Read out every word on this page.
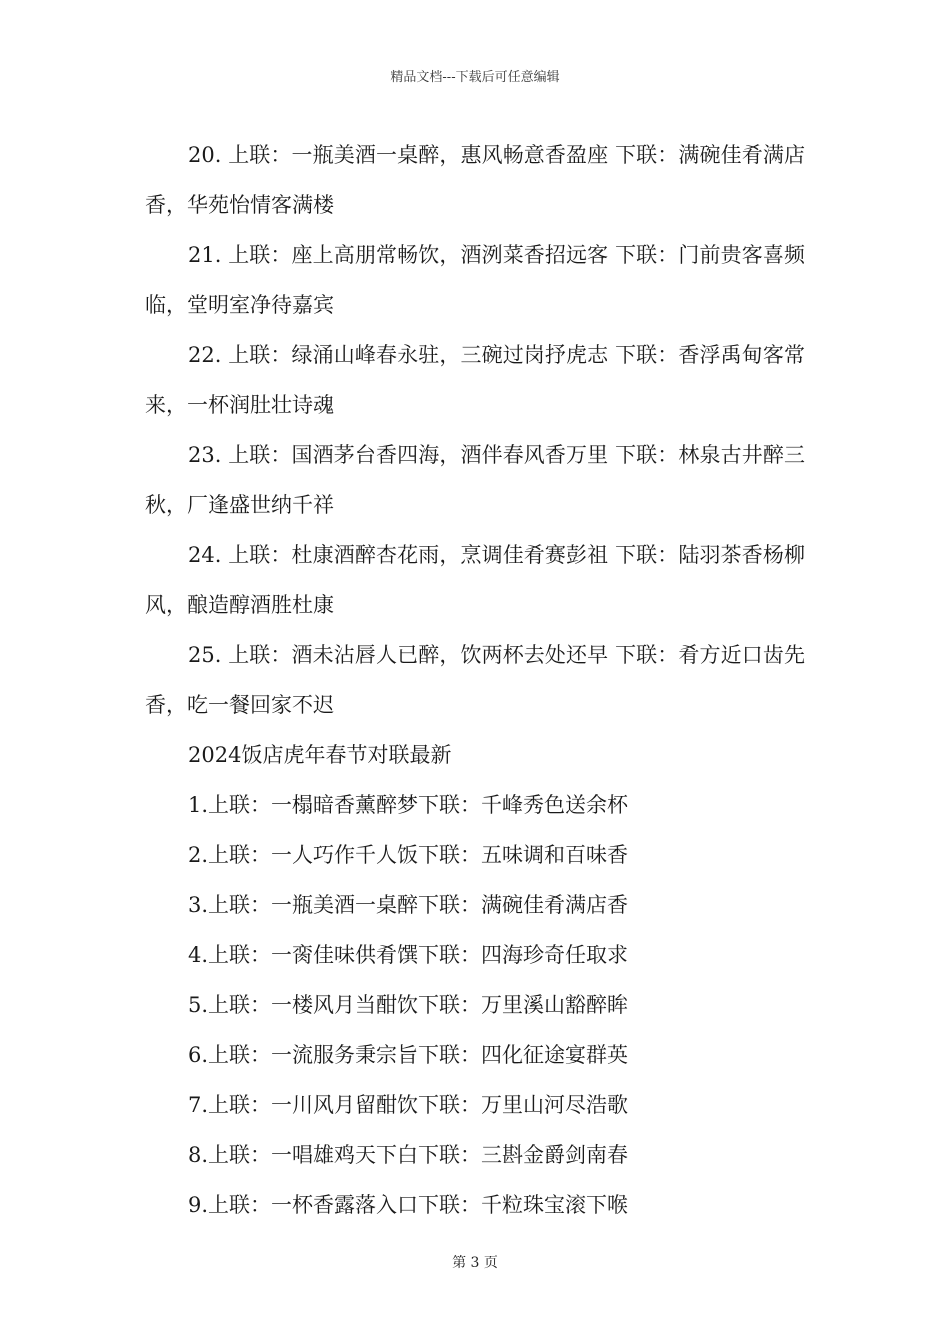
精品文档---下载后可任意编辑

20. 上联：一瓶美酒一桌醉，惠风畅意香盈座 下联：满碗佳肴满店香，华苑怡情客满楼

21. 上联：座上高朋常畅饮，酒洌菜香招远客 下联：门前贵客喜频临，堂明室净待嘉宾

22. 上联：绿涌山峰春永驻，三碗过岗抒虎志 下联：香浮禹甸客常来，一杯润肚壮诗魂

23. 上联：国酒茅台香四海，酒伴春风香万里 下联：林泉古井醉三秋，厂逢盛世纳千祥

24. 上联：杜康酒醉杏花雨，烹调佳肴赛彭祖 下联：陆羽茶香杨柳风，酿造醇酒胜杜康

25. 上联：酒未沾唇人已醉，饮两杯去处还早 下联：肴方近口齿先香，吃一餐回家不迟

2024饭店虎年春节对联最新

1.上联：一榻暗香薰醉梦下联：千峰秀色送余杯

2.上联：一人巧作千人饭下联：五味调和百味香

3.上联：一瓶美酒一桌醉下联：满碗佳肴满店香

4.上联：一脔佳味供肴馔下联：四海珍奇任取求

5.上联：一楼风月当酣饮下联：万里溪山豁醉眸

6.上联：一流服务秉宗旨下联：四化征途宴群英

7.上联：一川风月留酣饮下联：万里山河尽浩歌

8.上联：一唱雄鸡天下白下联：三斟金爵剑南春

9.上联：一杯香露落入口下联：千粒珠宝滚下喉

第 3 页
